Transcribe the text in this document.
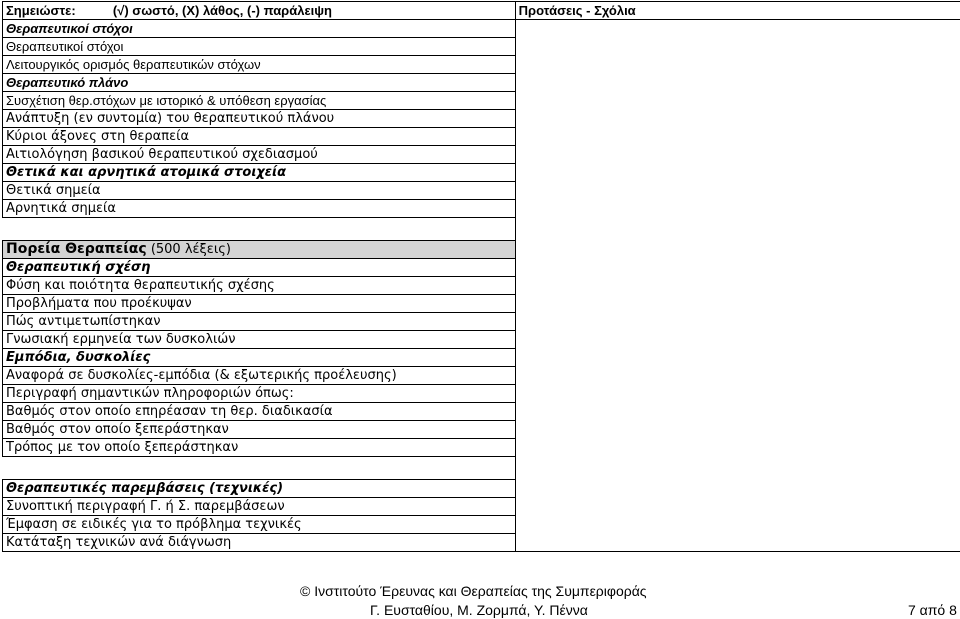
Σημειώστε: (√) σωστό, (Χ) λάθος, (-) παράλειψη	Προτάσεις - Σχόλια
Θεραπευτικοί στόχοι	
Θεραπευτικοί στόχοι	
Λειτουργικός ορισμός θεραπευτικών στόχων	
Θεραπευτικό πλάνο	
Συσχέτιση θερ.στόχων με ιστορικό & υπόθεση εργασίας	
Ανάπτυξη (εν συντομία) του θεραπευτικού πλάνου	
Κύριοι άξονες στη θεραπεία	
Αιτιολόγηση βασικού θεραπευτικού σχεδιασμού	
Θετικά και αρνητικά ατομικά στοιχεία	
Θετικά σημεία	
Αρνητικά σημεία	

Πορεία Θεραπείας (500 λέξεις)	
Θεραπευτική σχέση	
Φύση και ποιότητα θεραπευτικής σχέσης	
Προβλήματα που προέκυψαν	
Πώς αντιμετωπίστηκαν	
Γνωσιακή ερμηνεία των δυσκολιών	
Εμπόδια, δυσκολίες	
Αναφορά σε δυσκολίες-εμπόδια (& εξωτερικής προέλευσης)	
Περιγραφή σημαντικών πληροφοριών όπως:	
Βαθμός στον οποίο επηρέασαν τη θερ. διαδικασία	
Βαθμός στον οποίο ξεπεράστηκαν	
Τρόπος με τον οποίο ξεπεράστηκαν	

Θεραπευτικές παρεμβάσεις (τεχνικές)	
Συνοπτική περιγραφή Γ. ή Σ. παρεμβάσεων	
Έμφαση σε ειδικές για το πρόβλημα τεχνικές	
Κατάταξη τεχνικών ανά διάγνωση	
© Ινστιτούτο Έρευνας και Θεραπείας της Συμπεριφοράς
Γ. Ευσταθίου, Μ. Ζορμπά, Υ. Πέννα	7 από 8
